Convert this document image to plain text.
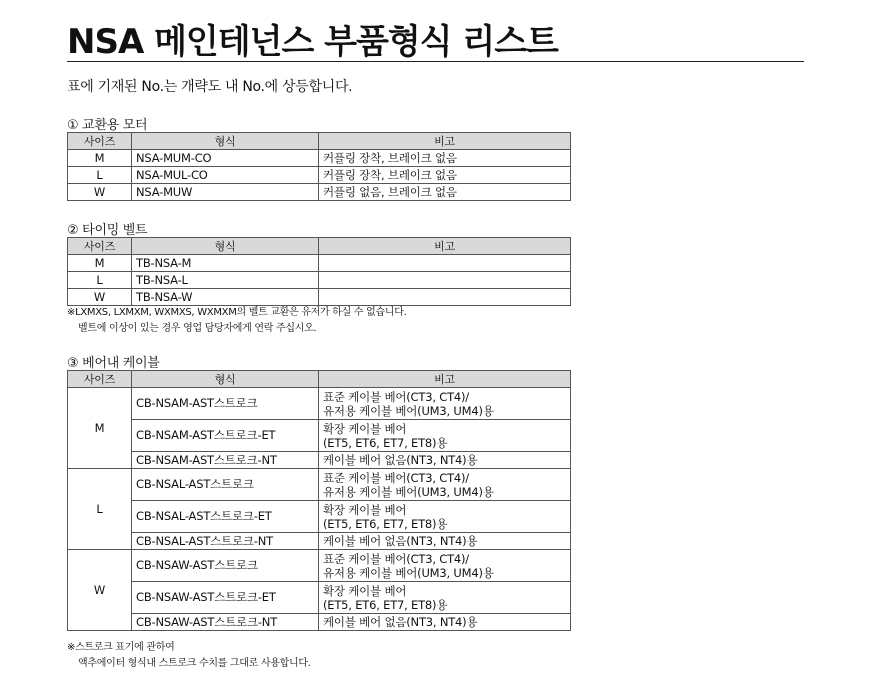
NSA 메인테넌스 부품형식 리스트
표에 기재된 No.는 개략도 내 No.에 상등합니다.
① 교환용 모터
사이즈	형식	비고
M	NSA-MUM-CO	커플링 장착, 브레이크 없음
L	NSA-MUL-CO	커플링 장착, 브레이크 없음
W	NSA-MUW	커플링 없음, 브레이크 없음
② 타이밍 벨트
사이즈	형식	비고
M	TB-NSA-M	
L	TB-NSA-L	
W	TB-NSA-W	
※LXMXS, LXMXM, WXMXS, WXMXM의 벨트 교환은 유저가 하실 수 없습니다.
벨트에 이상이 있는 경우 영업 담당자에게 연락 주십시오.
③ 베어내 케이블
사이즈	형식	비고
M	CB-NSAM-AST스트로크	표준 케이블 베어(CT3, CT4)/
유저용 케이블 베어(UM3, UM4)용

	CB-NSAM-AST스트로크-ET	확장 케이블 베어
(ET5, ET6, ET7, ET8)용

	CB-NSAM-AST스트로크-NT	케이블 베어 없음(NT3, NT4)용
L	CB-NSAL-AST스트로크	표준 케이블 베어(CT3, CT4)/
유저용 케이블 베어(UM3, UM4)용

	CB-NSAL-AST스트로크-ET	확장 케이블 베어
(ET5, ET6, ET7, ET8)용

	CB-NSAL-AST스트로크-NT	케이블 베어 없음(NT3, NT4)용
W	CB-NSAW-AST스트로크	표준 케이블 베어(CT3, CT4)/
유저용 케이블 베어(UM3, UM4)용

	CB-NSAW-AST스트로크-ET	확장 케이블 베어
(ET5, ET6, ET7, ET8)용

	CB-NSAW-AST스트로크-NT	케이블 베어 없음(NT3, NT4)용
※스트로크 표기에 관하여
액추에이터 형식내 스트로크 수치를 그대로 사용합니다.
